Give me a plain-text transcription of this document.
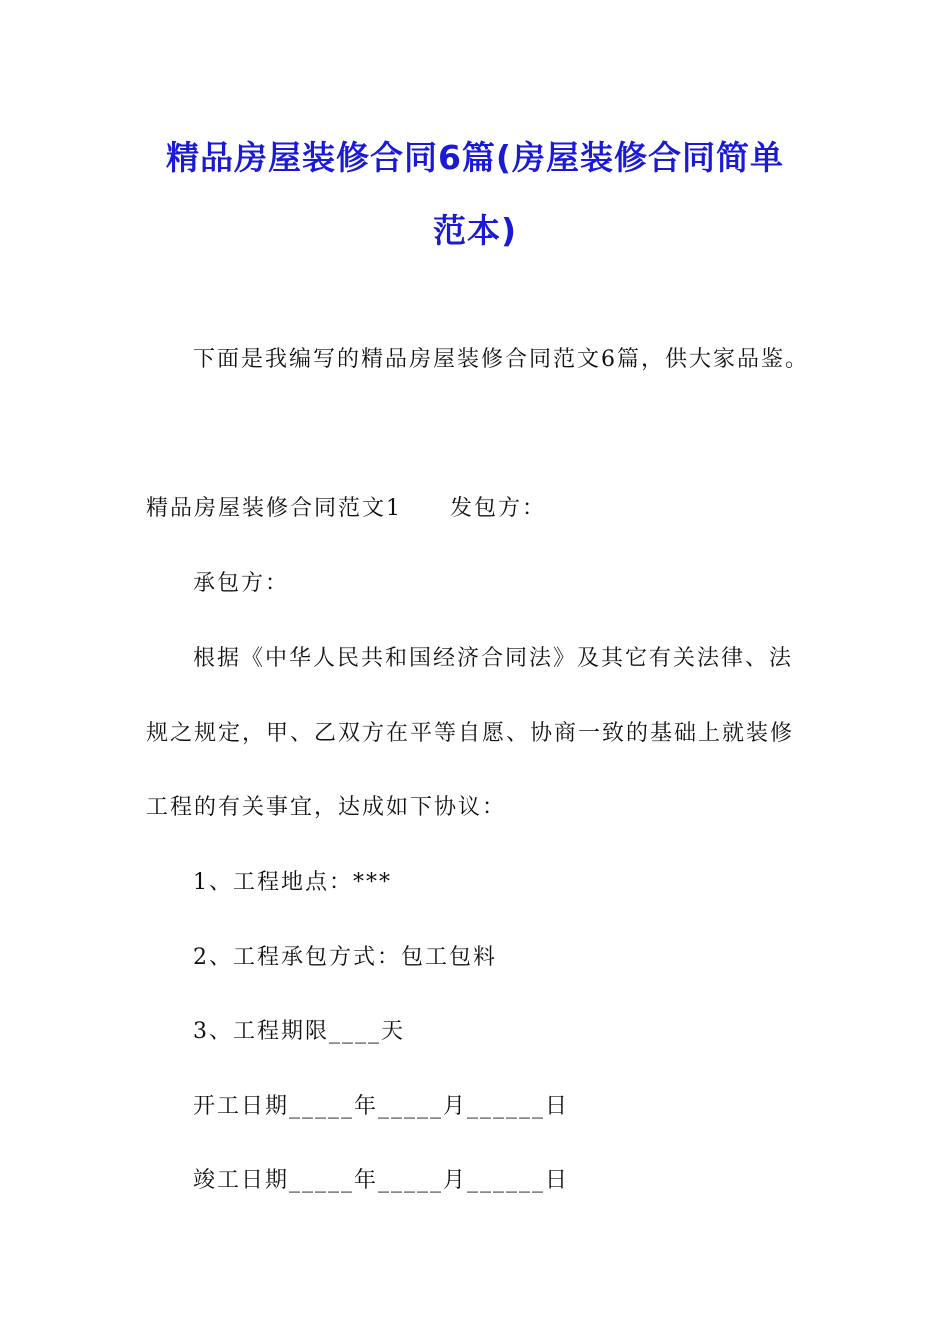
精品房屋装修合同6篇(房屋装修合同简单
范本)
下面是我编写的精品房屋装修合同范文6篇，供大家品鉴。
精品房屋装修合同范文1 发包方：
承包方：
根据《中华人民共和国经济合同法》及其它有关法律、法
规之规定，甲、乙双方在平等自愿、协商一致的基础上就装修
工程的有关事宜，达成如下协议：
1、工程地点：***
2、工程承包方式：包工包料
3、工程期限____天
开工日期_____年_____月______日
竣工日期_____年_____月______日
